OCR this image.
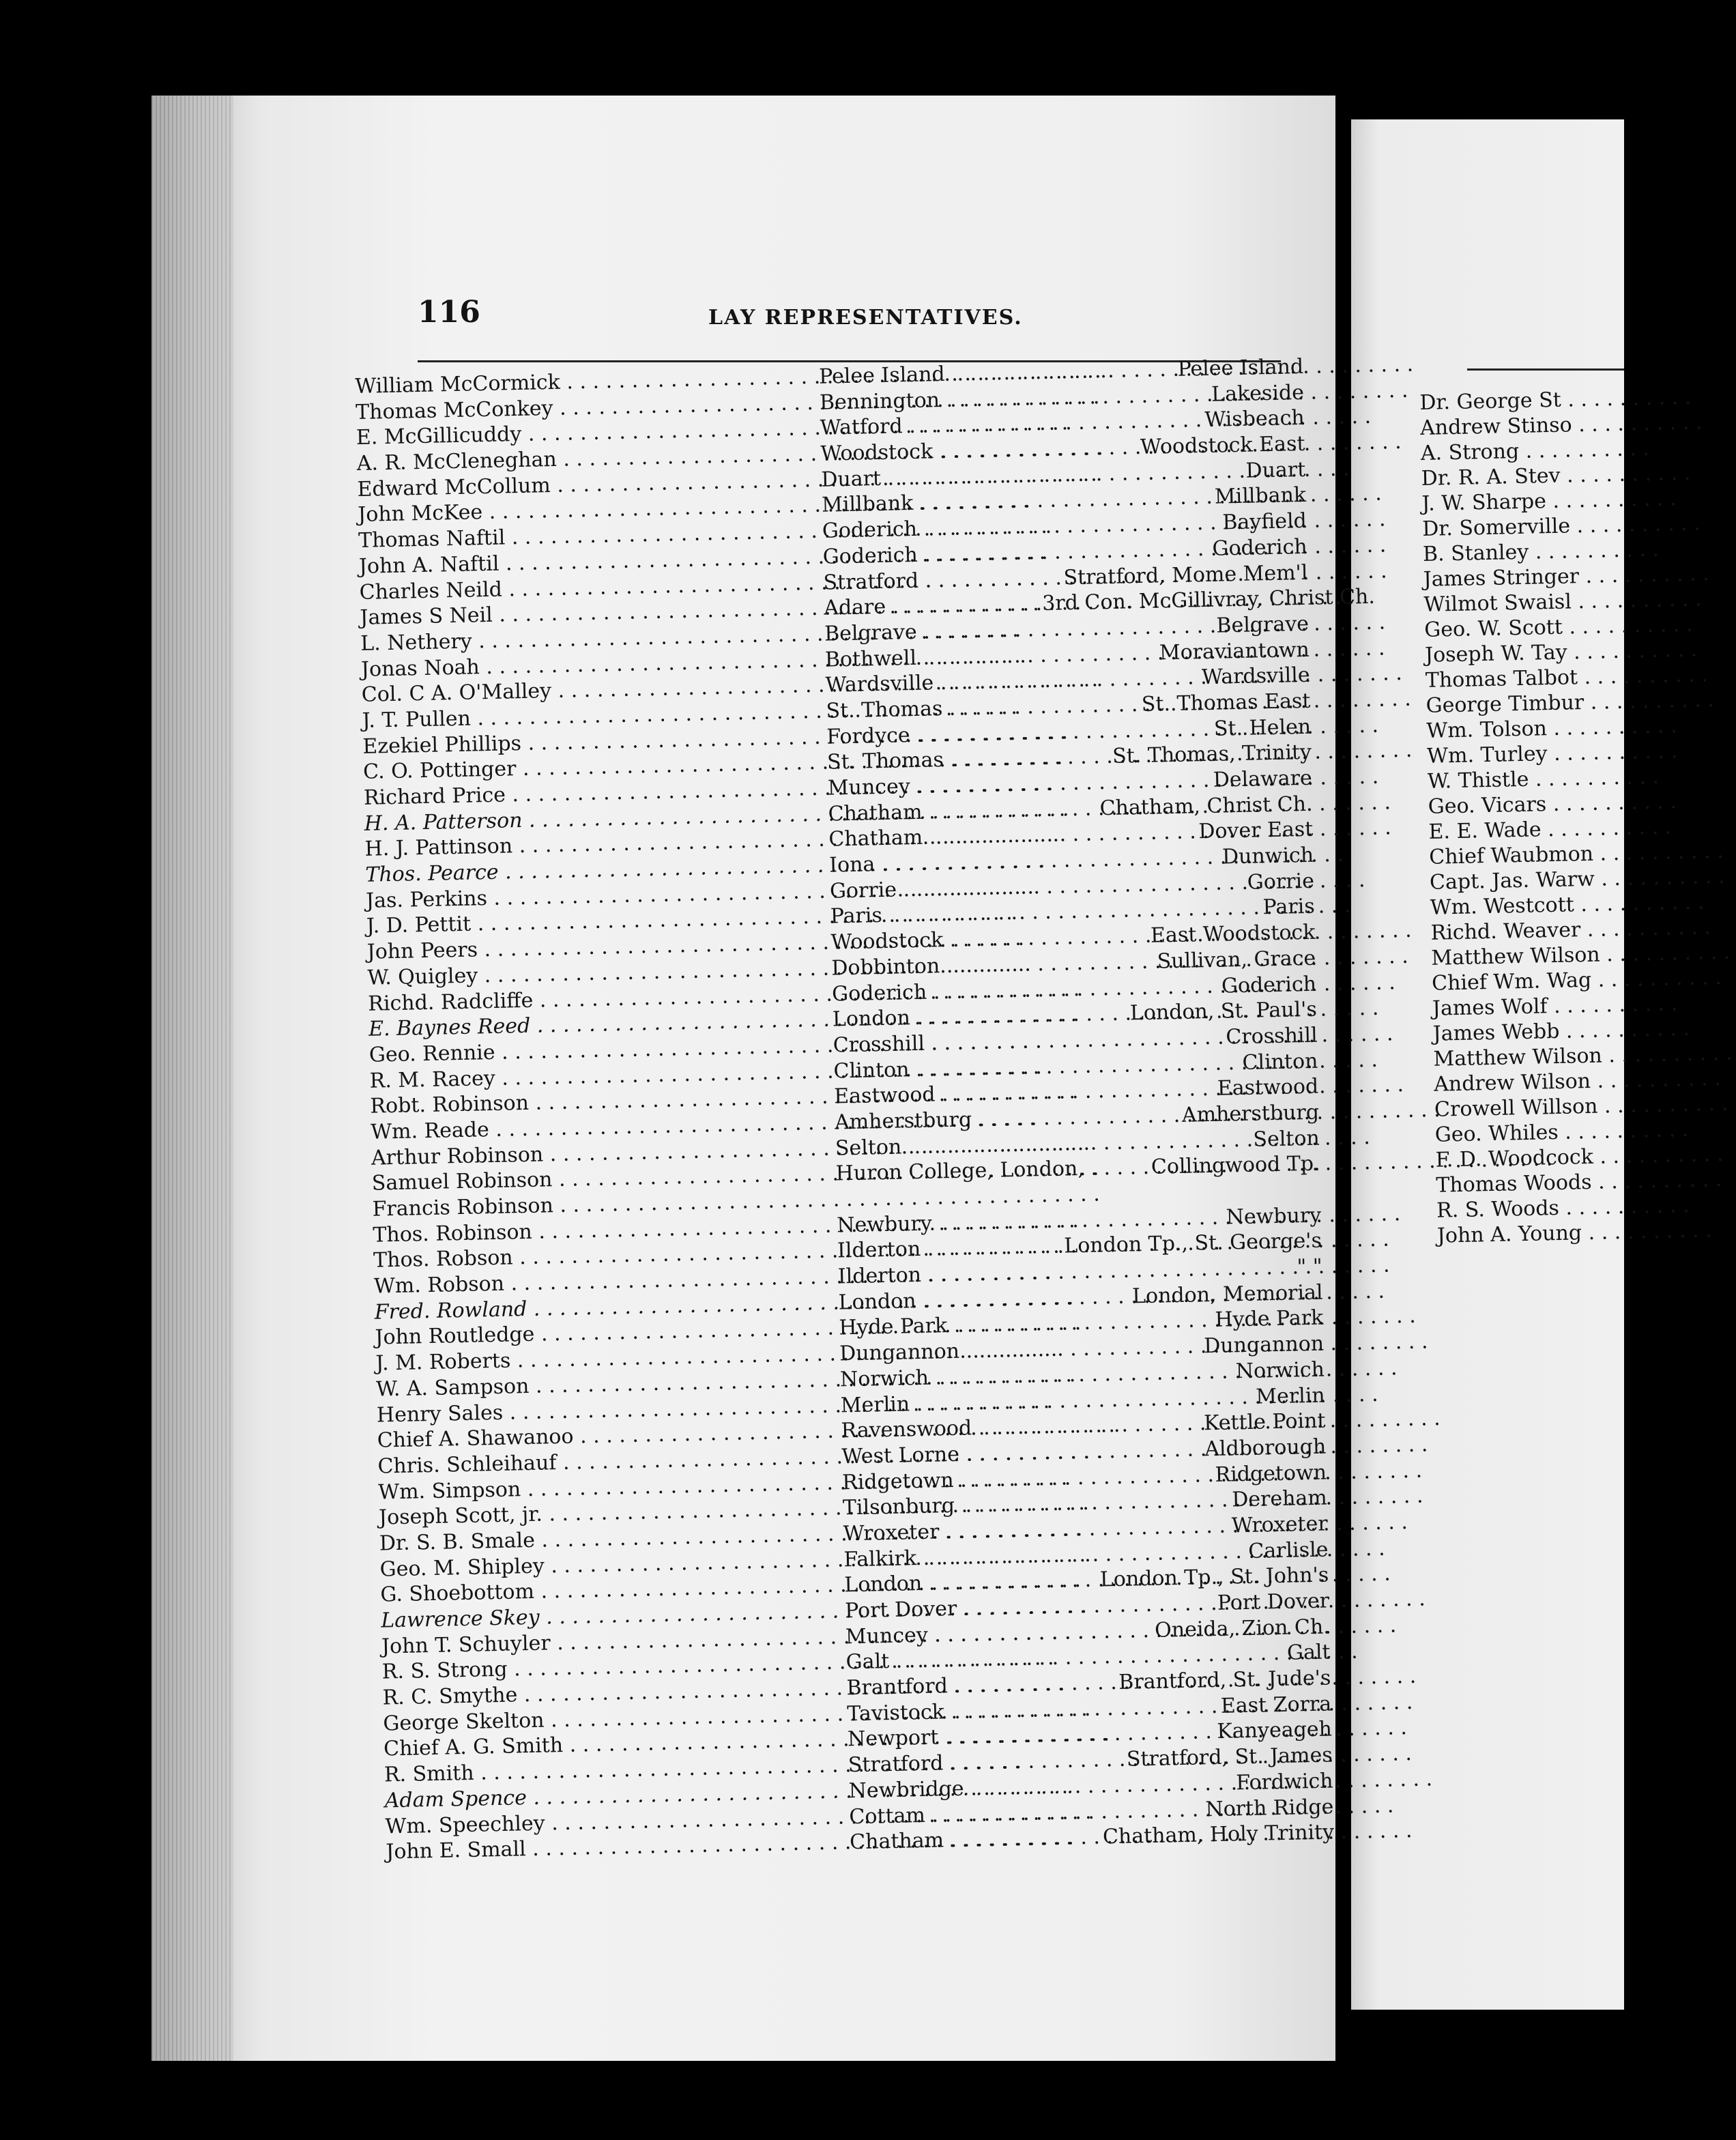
116	LAY REPRESENTATIVES.
William McCormick . . .	Pelee Island . . .	Pelee Island
Thomas McConkey . . .	Bennington . . .	Lakeside
E. McGillicuddy . . .	Watford . . .	Wisbeach
A. R. McCleneghan . . .	Woodstock . . .	Woodstock East
Edward McCollum . . .	Duart . . .	Duart
John McKee . . .	Millbank . . .	Millbank
Thomas Naftil . . .	Goderich . . .	Bayfield
John A. Naftil . . .	Goderich . . .	Goderich
Charles Neild . . .	Stratford . . .	Stratford, Mome Mem'l
James S Neil . . .	Adare . . .	3rd Con. McGillivray, Christ Ch.
L. Nethery . . .	Belgrave . . .	Belgrave
Jonas Noah . . .	Bothwell . . .	Moraviantown
Col. C A. O'Malley . . .	Wardsville . . .	Wardsville
J. T. Pullen . . .	St. Thomas . . .	St. Thomas East
Ezekiel Phillips . . .	Fordyce . . .	St. Helen
C. O. Pottinger . . .	St. Thomas . . .	St. Thomas, Trinity
Richard Price . . .	Muncey . . .	Delaware
H. A. Patterson . . .	Chatham . . .	Chatham, Christ Ch.
H. J. Pattinson . . .	Chatham . . .	Dover East
Thos. Pearce . . .	Iona . . .	Dunwich
Jas. Perkins . . .	Gorrie . . .	Gorrie
J. D. Pettit . . .	Paris . . .	Paris
John Peers . . .	Woodstock . . .	East Woodstock
W. Quigley . . .	Dobbinton . . .	Sullivan, Grace
Richd. Radcliffe . . .	Goderich . . .	Goderich
E. Baynes Reed . . .	London . . .	London, St. Paul's
Geo. Rennie . . .	Crosshill . . .	Crosshill
R. M. Racey . . .	Clinton . . .	Clinton
Robt. Robinson . . .	Eastwood . . .	Eastwood
Wm. Reade . . .	Amherstburg . . .	Amherstburg
Arthur Robinson . . .	Selton . . .	Selton
Samuel Robinson . . .	Huron College, London, . . .	Collingwood Tp.
Francis Robinson . . .
Thos. Robinson . . .	Newbury . . .	Newbury
Thos. Robson . . .	Ilderton . . .	London Tp., St. George's
Wm. Robson . . .	Ilderton . . .	" "
Fred. Rowland . . .	London . . .	London, Memorial
John Routledge . . .	Hyde Park . . .	Hyde Park
J. M. Roberts . . .	Dungannon . . .	Dungannon
W. A. Sampson . . .	Norwich . . .	Norwich
Henry Sales . . .	Merlin . . .	Merlin
Chief A. Shawanoo . . .	Ravenswood . . .	Kettle Point
Chris. Schleihauf . . .	West Lorne . . .	Aldborough
Wm. Simpson . . .	Ridgetown . . .	Ridgetown
Joseph Scott, jr. . . .	Tilsonburg . . .	Dereham
Dr. S. B. Smale . . .	Wroxeter . . .	Wroxeter
Geo. M. Shipley . . .	Falkirk . . .	Carlisle
G. Shoebottom . . .	London . . .	London Tp., St. John's
Lawrence Skey . . .	Port Dover . . .	Port Dover
John T. Schuyler . . .	Muncey . . .	Oneida, Zion Ch.
R. S. Strong . . .	Galt . . .	Galt
R. C. Smythe . . .	Brantford . . .	Brantford, St. Jude's
George Skelton . . .	Tavistock . . .	East Zorra
Chief A. G. Smith . . .	Newport . . .	Kanyeageh
R. Smith . . .	Stratford . . .	Stratford, St. James
Adam Spence . . .	Newbridge . . .	Fordwich
Wm. Speechley . . .	Cottam . . .	North Ridge
John E. Small . . .	Chatham . . .	Chatham, Holy Trinity
Dr. George St . . .
Andrew Stinso . . .
A. Strong . . .
Dr. R. A. Stev . . .
J. W. Sharpe . . .
Dr. Somerville . . .
B. Stanley . . .
James Stringer . . .
Wilmot Swaisl . . .
Geo. W. Scott . . .
Joseph W. Tay . . .
Thomas Talbot . . .
George Timbur . . .
Wm. Tolson . . .
Wm. Turley . . .
W. Thistle . . .
Geo. Vicars . . .
E. E. Wade . . .
Chief Waubmon . . .
Capt. Jas. Warw . . .
Wm. Westcott . . .
Richd. Weaver . . .
Matthew Wilson . . .
Chief Wm. Wag . . .
James Wolf . . .
James Webb . . .
Matthew Wilson . . .
Andrew Wilson . . .
Crowell Willson . . .
Geo. Whiles . . .
F. D. Woodcock . . .
Thomas Woods . . .
R. S. Woods . . .
John A. Young . . .
